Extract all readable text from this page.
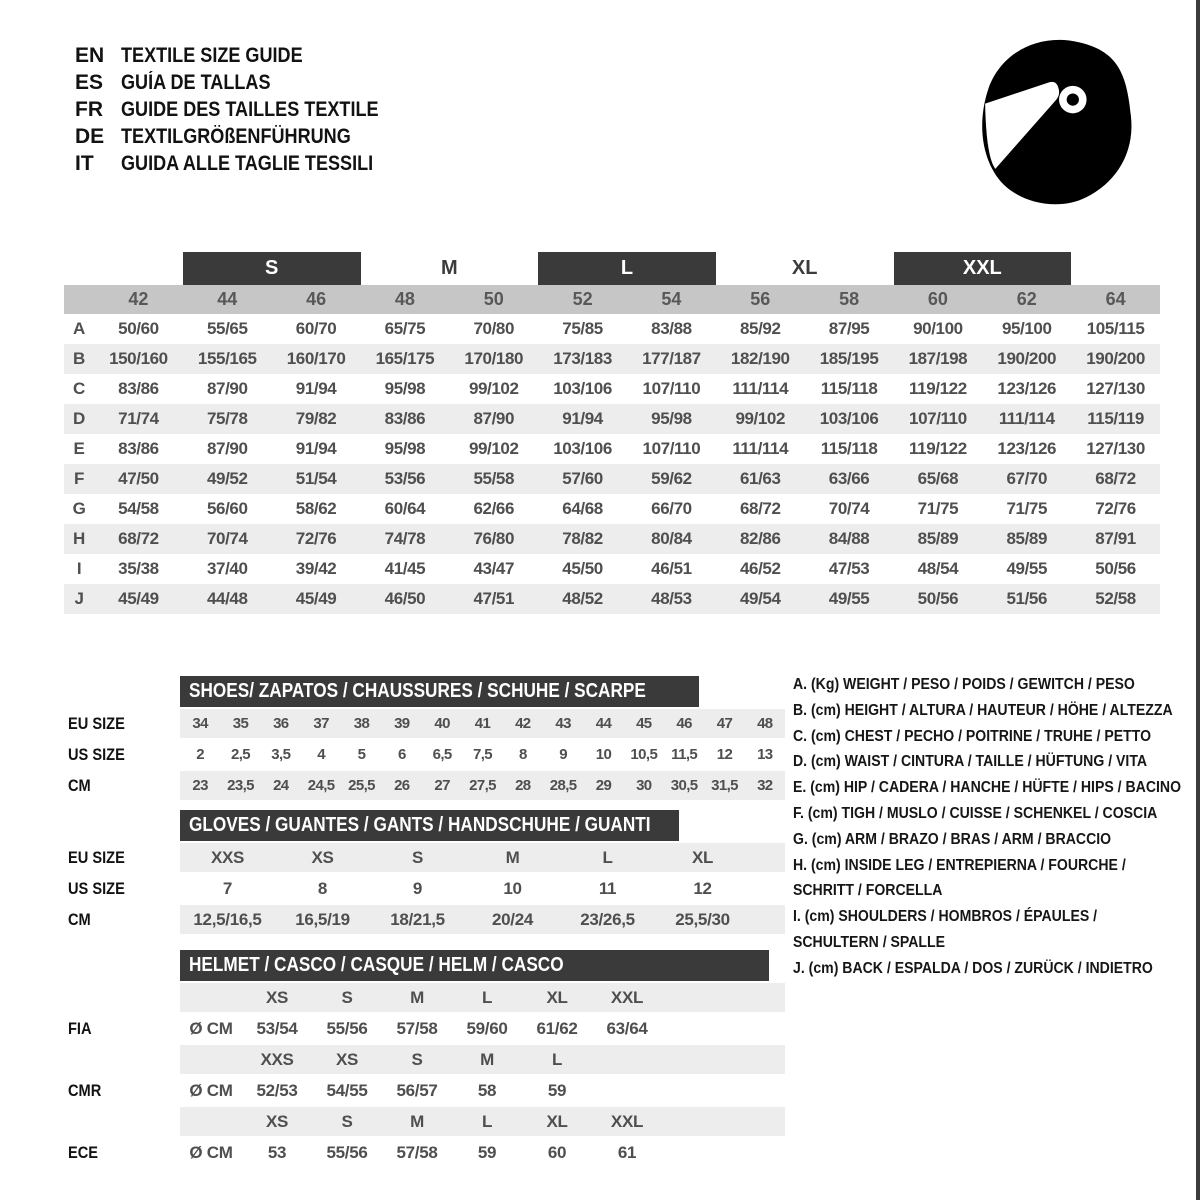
EN TEXTILE SIZE GUIDE
ES GUÍA DE TALLAS
FR GUIDE DES TAILLES TEXTILE
DE TEXTILGRÖßENFÜHRUNG
IT	GUIDA ALLE TAGLIE TESSILI
S	M	L	XL	XXL
42	44	46	48	50	52	54	56	58	60	62	64
A	50/60	55/65	60/70	65/75	70/80	75/85	83/88	85/92	87/95	90/100	95/100	105/115
B	150/160	155/165	160/170	165/175	170/180	173/183	177/187	182/190	185/195	187/198	190/200	190/200
C	83/86	87/90	91/94	95/98	99/102	103/106	107/110	111/114	115/118	119/122	123/126	127/130
D	71/74	75/78	79/82	83/86	87/90	91/94	95/98	99/102	103/106	107/110	111/114	115/119
E	83/86	87/90	91/94	95/98	99/102	103/106	107/110	111/114	115/118	119/122	123/126	127/130
F	47/50	49/52	51/54	53/56	55/58	57/60	59/62	61/63	63/66	65/68	67/70	68/72
G	54/58	56/60	58/62	60/64	62/66	64/68	66/70	68/72	70/74	71/75	71/75	72/76
H	68/72	70/74	72/76	74/78	76/80	78/82	80/84	82/86	84/88	85/89	85/89	87/91
I	35/38	37/40	39/42	41/45	43/47	45/50	46/51	46/52	47/53	48/54	49/55	50/56
J	45/49	44/48	45/49	46/50	47/51	48/52	48/53	49/54	49/55	50/56	51/56	52/58
SHOES/ ZAPATOS / CHAUSSURES / SCHUHE / SCARPE
EU SIZE	34	35	36	37	38	39	40	41	42	43	44	45	46	47	48
US SIZE	2	2,5	3,5	4	5	6	6,5	7,5	8	9	10	10,5 11,5	12	13
CM	23	23,5	24	24,5 25,5	26	27	27,5	28	28,5	29	30	30,5 31,5	32
GLOVES / GUANTES / GANTS / HANDSCHUHE / GUANTI
EU SIZE	XXS	XS	S	M	L	XL
US SIZE	7	8	9	10	11	12
CM	12,5/16,5	16,5/19	18/21,5	20/24	23/26,5	25,5/30
HELMET / CASCO / CASQUE / HELM / CASCO
XS	S	M	L	XL	XXL
FIA	Ø CM	53/54	55/56	57/58	59/60	61/62	63/64
XXS	XS	S	M	L
CMR	Ø CM	52/53	54/55	56/57	58	59
XS	S	M	L	XL	XXL
ECE	Ø CM	53	55/56	57/58	59	60	61
A. (Kg) WEIGHT / PESO / POIDS / GEWITCH / PESO
B. (cm) HEIGHT / ALTURA / HAUTEUR / HÖHE / ALTEZZA
C. (cm) CHEST / PECHO / POITRINE / TRUHE / PETTO
D. (cm) WAIST / CINTURA / TAILLE / HÜFTUNG / VITA
E. (cm) HIP / CADERA / HANCHE / HÜFTE / HIPS / BACINO
F. (cm) TIGH / MUSLO / CUISSE / SCHENKEL / COSCIA
G. (cm) ARM / BRAZO / BRAS / ARM / BRACCIO
H. (cm) INSIDE LEG / ENTREPIERNA / FOURCHE /
SCHRITT / FORCELLA
I. (cm) SHOULDERS / HOMBROS / ÉPAULES /
SCHULTERN / SPALLE
J. (cm) BACK / ESPALDA / DOS / ZURÜCK / INDIETRO
